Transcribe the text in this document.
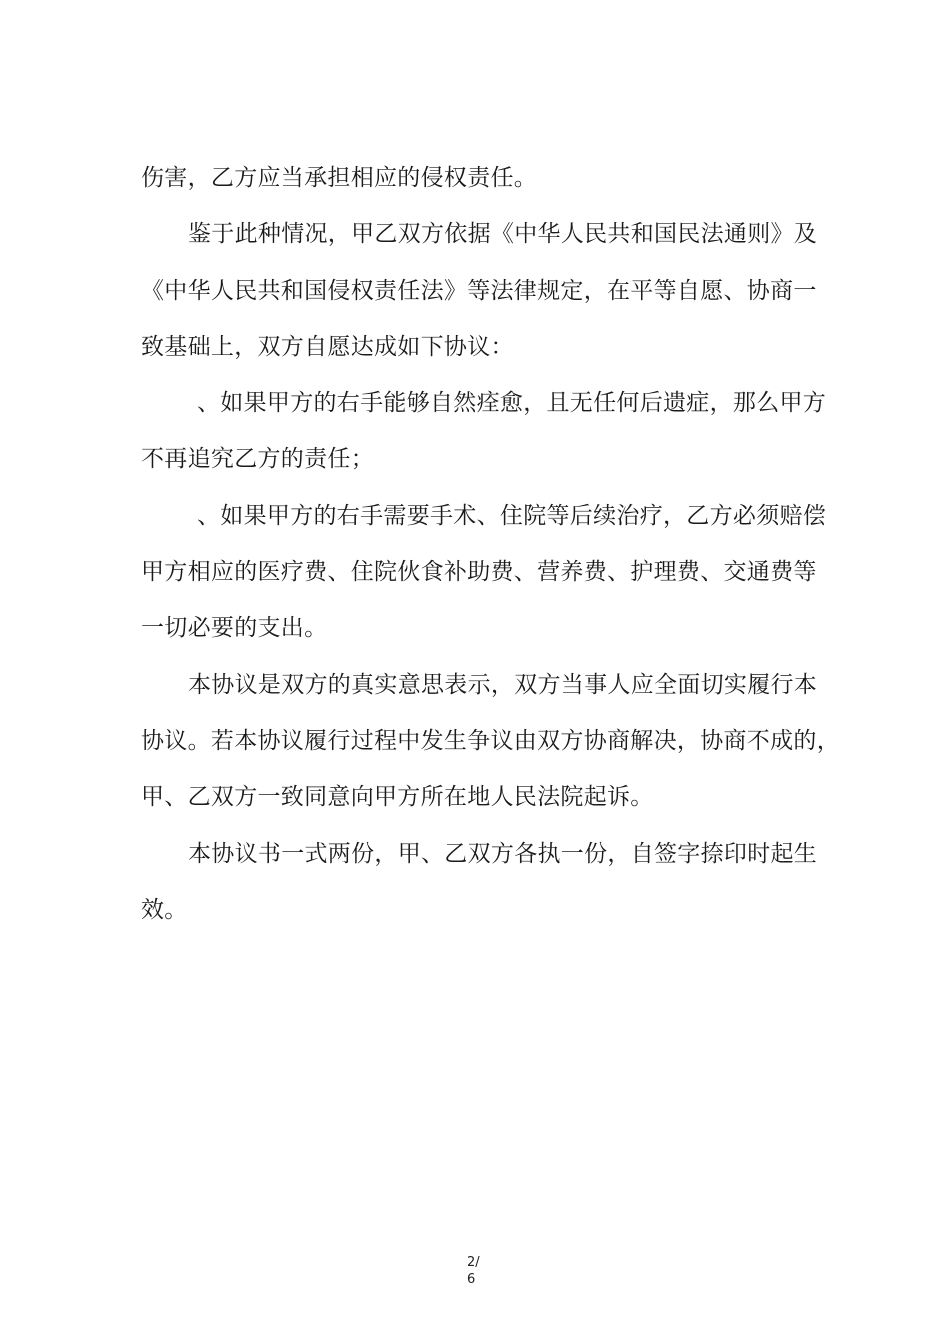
伤害，乙方应当承担相应的侵权责任。
鉴于此种情况，甲乙双方依据《中华人民共和国民法通则》及
《中华人民共和国侵权责任法》等法律规定，在平等自愿、协商一
致基础上，双方自愿达成如下协议：
、如果甲方的右手能够自然痊愈，且无任何后遗症，那么甲方
不再追究乙方的责任；
、如果甲方的右手需要手术、住院等后续治疗，乙方必须赔偿
甲方相应的医疗费、住院伙食补助费、营养费、护理费、交通费等
一切必要的支出。
本协议是双方的真实意思表示，双方当事人应全面切实履行本
协议。若本协议履行过程中发生争议由双方协商解决，协商不成的，
甲、乙双方一致同意向甲方所在地人民法院起诉。
本协议书一式两份，甲、乙双方各执一份，自签字捺印时起生
效。
2/
6
